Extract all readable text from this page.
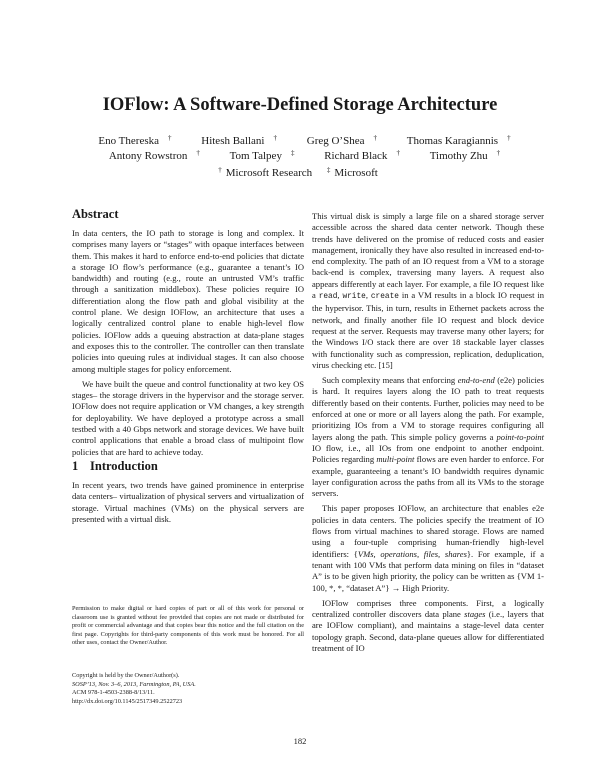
IOFlow: A Software-Defined Storage Architecture
Eno Thereska †	Hitesh Ballani †	Greg O’Shea †	Thomas Karagiannis †
Antony Rowstron †	Tom Talpey ‡	Richard Black †	Timothy Zhu †
† Microsoft Research ‡ Microsoft
Abstract

In data centers, the IO path to storage is long and complex. It comprises many layers or “stages” with opaque interfaces between them. This makes it hard to enforce end-to-end policies that dictate a storage IO flow’s performance (e.g., guarantee a tenant’s IO bandwidth) and routing (e.g., route an untrusted VM’s traffic through a sanitization middlebox). These policies require IO differentiation along the flow path and global visibility at the control plane. We design IOFlow, an architecture that uses a logically centralized control plane to enable high-level flow policies. IOFlow adds a queuing abstraction at data-plane stages and exposes this to the controller. The controller can then translate policies into queuing rules at individual stages. It can also choose among multiple stages for policy enforcement.

We have built the queue and control functionality at two key OS stages– the storage drivers in the hypervisor and the storage server. IOFlow does not require application or VM changes, a key strength for deployability. We have deployed a prototype across a small testbed with a 40 Gbps network and storage devices. We have built control applications that enable a broad class of multipoint flow policies that are hard to achieve today.

1 Introduction

In recent years, two trends have gained prominence in enterprise data centers– virtualization of physical servers and virtualization of storage. Virtual machines (VMs) on the physical servers are presented with a virtual disk.

Permission to make digital or hard copies of part or all of this work for personal or classroom use is granted without fee provided that copies are not made or distributed for profit or commercial advantage and that copies bear this notice and the full citation on the first page. Copyrights for third-party components of this work must be honored. For all other uses, contact the Owner/Author.

Copyright is held by the Owner/Author(s).
SOSP’13, Nov. 3–6, 2013, Farmington, PA, USA.
ACM 978-1-4503-2388-8/13/11.
http://dx.doi.org/10.1145/2517349.2522723

This virtual disk is simply a large file on a shared storage server accessible across the shared data center network. Though these trends have delivered on the promise of reduced costs and easier management, ironically they have also resulted in increased end-to-end complexity. The path of an IO request from a VM to a storage back-end is complex, traversing many layers. A request also appears differently at each layer. For example, a file IO request like a read, write, create in a VM results in a block IO request in the hypervisor. This, in turn, results in Ethernet packets across the network, and finally another file IO request and block device request at the server. Requests may traverse many other layers; for the Windows I/O stack there are over 18 stackable layer classes with functionality such as compression, replication, deduplication, virus checking etc. [15]

Such complexity means that enforcing end-to-end (e2e) policies is hard. It requires layers along the IO path to treat requests differently based on their contents. Further, policies may need to be enforced at one or more or all layers along the path. For example, prioritizing IOs from a VM to storage requires configuring all layers along the path. This simple policy governs a point-to-point IO flow, i.e., all IOs from one endpoint to another endpoint. Policies regarding multi-point flows are even harder to enforce. For example, guaranteeing a tenant’s IO bandwidth requires dynamic layer configuration across the paths from all its VMs to the storage servers.

This paper proposes IOFlow, an architecture that enables e2e policies in data centers. The policies specify the treatment of IO flows from virtual machines to shared storage. Flows are named using a four-tuple comprising human-friendly high-level identifiers: {VMs, operations, files, shares}. For example, if a tenant with 100 VMs that perform data mining on files in “dataset A” is to be given high priority, the policy can be written as {VM 1-100, *, *, “dataset A”} → High Priority.

IOFlow comprises three components. First, a logically centralized controller discovers data plane stages (i.e., layers that are IOFlow compliant), and maintains a stage-level data center topology graph. Second, data-plane queues allow for differentiated treatment of IO

182
